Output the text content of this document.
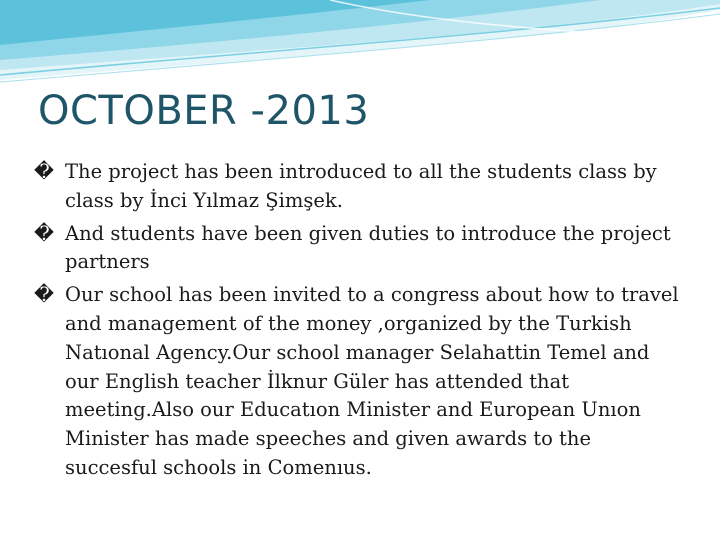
OCTOBER -2013
� The project has been introduced to all the students class by class by İnci Yılmaz Şimşek.
� And students have been given duties to introduce the project partners
� Our school has been invited to a congress about how to travel and management of the money ,organized by the Turkish Natıonal Agency.Our school manager Selahattin Temel and our English teacher İlknur Güler has attended that meeting.Also our Educatıon Minister and European Unıon Minister has made speeches and given awards to the succesful schools in Comenıus.
